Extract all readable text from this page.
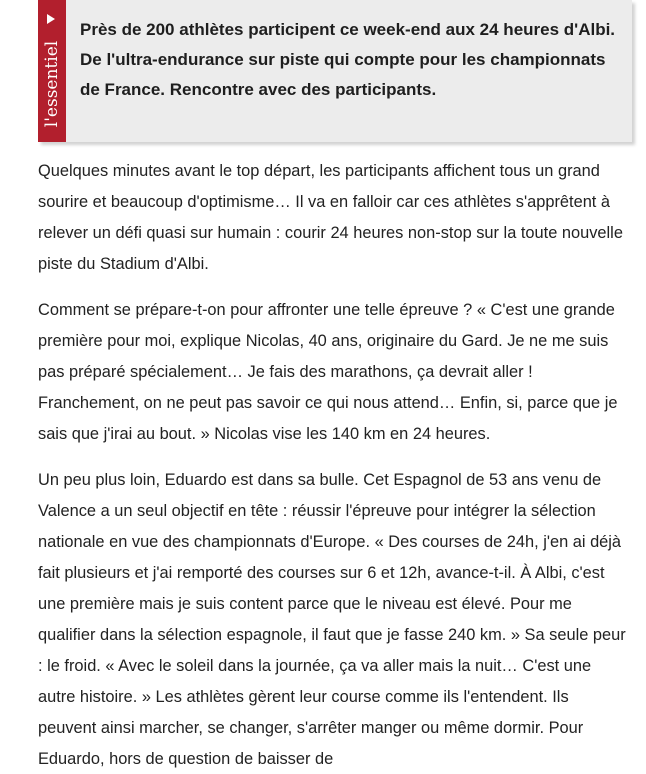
l'essentiel

Près de 200 athlètes participent ce week-end aux 24 heures d'Albi. De l'ultra-endurance sur piste qui compte pour les championnats de France. Rencontre avec des participants.

Quelques minutes avant le top départ, les participants affichent tous un grand sourire et beaucoup d'optimisme… Il va en falloir car ces athlètes s'apprêtent à relever un défi quasi sur humain : courir 24 heures non-stop sur la toute nouvelle piste du Stadium d'Albi.

Comment se prépare-t-on pour affronter une telle épreuve ? « C'est une grande première pour moi, explique Nicolas, 40 ans, originaire du Gard. Je ne me suis pas préparé spécialement… Je fais des marathons, ça devrait aller ! Franchement, on ne peut pas savoir ce qui nous attend… Enfin, si, parce que je sais que j'irai au bout. » Nicolas vise les 140 km en 24 heures.

Un peu plus loin, Eduardo est dans sa bulle. Cet Espagnol de 53 ans venu de Valence a un seul objectif en tête : réussir l'épreuve pour intégrer la sélection nationale en vue des championnats d'Europe. « Des courses de 24h, j'en ai déjà fait plusieurs et j'ai remporté des courses sur 6 et 12h, avance-t-il. À Albi, c'est une première mais je suis content parce que le niveau est élevé. Pour me qualifier dans la sélection espagnole, il faut que je fasse 240 km. » Sa seule peur : le froid. « Avec le soleil dans la journée, ça va aller mais la nuit… C'est une autre histoire. » Les athlètes gèrent leur course comme ils l'entendent. Ils peuvent ainsi marcher, se changer, s'arrêter manger ou même dormir. Pour Eduardo, hors de question de baisser de
